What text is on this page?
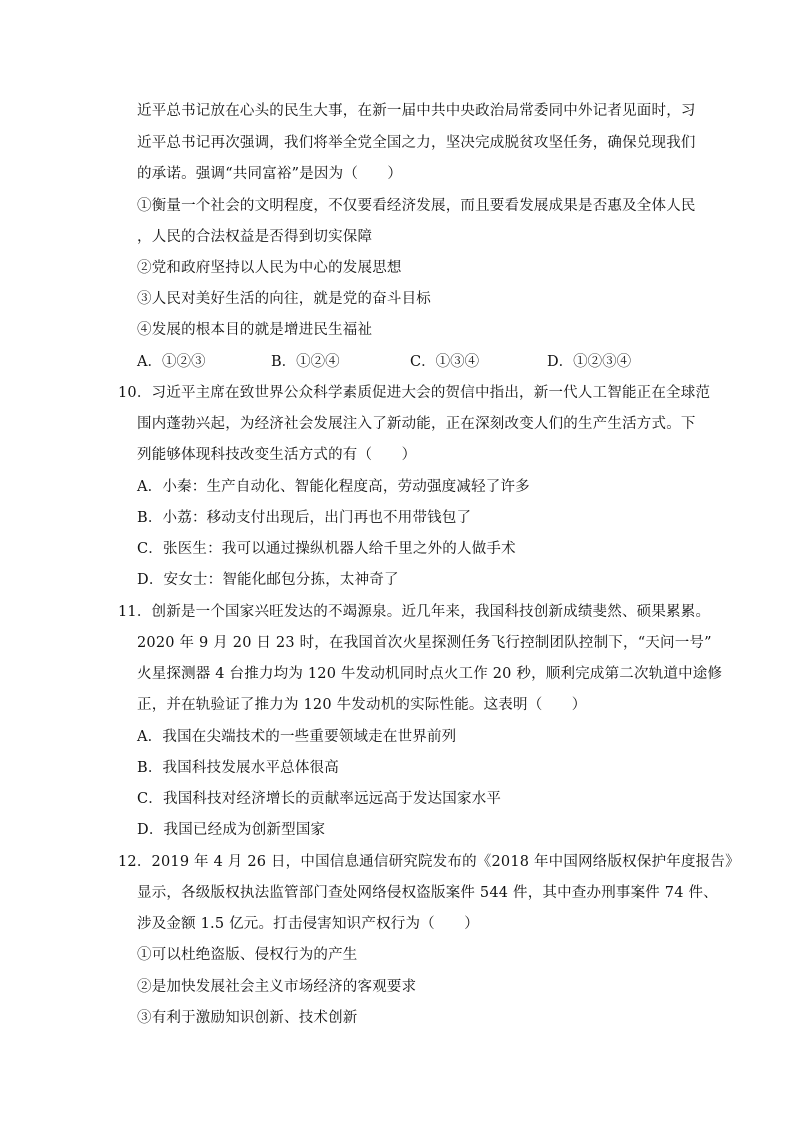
近平总书记放在心头的民生大事，在新一届中共中央政治局常委同中外记者见面时，习
近平总书记再次强调，我们将举全党全国之力，坚决完成脱贫攻坚任务，确保兑现我们
的承诺。强调“共同富裕”是因为（　　）
①衡量一个社会的文明程度，不仅要看经济发展，而且要看发展成果是否惠及全体人民
，人民的合法权益是否得到切实保障
②党和政府坚持以人民为中心的发展思想
③人民对美好生活的向往，就是党的奋斗目标
④发展的根本目的就是增进民生福祉
A．①②③	B．①②④	C．①③④	D．①②③④
10．习近平主席在致世界公众科学素质促进大会的贺信中指出，新一代人工智能正在全球范
围内蓬勃兴起，为经济社会发展注入了新动能，正在深刻改变人们的生产生活方式。下
列能够体现科技改变生活方式的有（　　）
A．小秦：生产自动化、智能化程度高，劳动强度减轻了许多
B．小荔：移动支付出现后，出门再也不用带钱包了
C．张医生：我可以通过操纵机器人给千里之外的人做手术
D．安女士：智能化邮包分拣，太神奇了
11．创新是一个国家兴旺发达的不竭源泉。近几年来，我国科技创新成绩斐然、硕果累累。
2020 年 9 月 20 日 23 时，在我国首次火星探测任务飞行控制团队控制下，“天问一号”
火星探测器 4 台推力均为 120 牛发动机同时点火工作 20 秒，顺利完成第二次轨道中途修
正，并在轨验证了推力为 120 牛发动机的实际性能。这表明（　　）
A．我国在尖端技术的一些重要领域走在世界前列
B．我国科技发展水平总体很高
C．我国科技对经济增长的贡献率远远高于发达国家水平
D．我国已经成为创新型国家
12．2019 年 4 月 26 日，中国信息通信研究院发布的《2018 年中国网络版权保护年度报告》
显示，各级版权执法监管部门查处网络侵权盗版案件 544 件，其中查办刑事案件 74 件、
涉及金额 1.5 亿元。打击侵害知识产权行为（　　）
①可以杜绝盗版、侵权行为的产生
②是加快发展社会主义市场经济的客观要求
③有利于激励知识创新、技术创新
